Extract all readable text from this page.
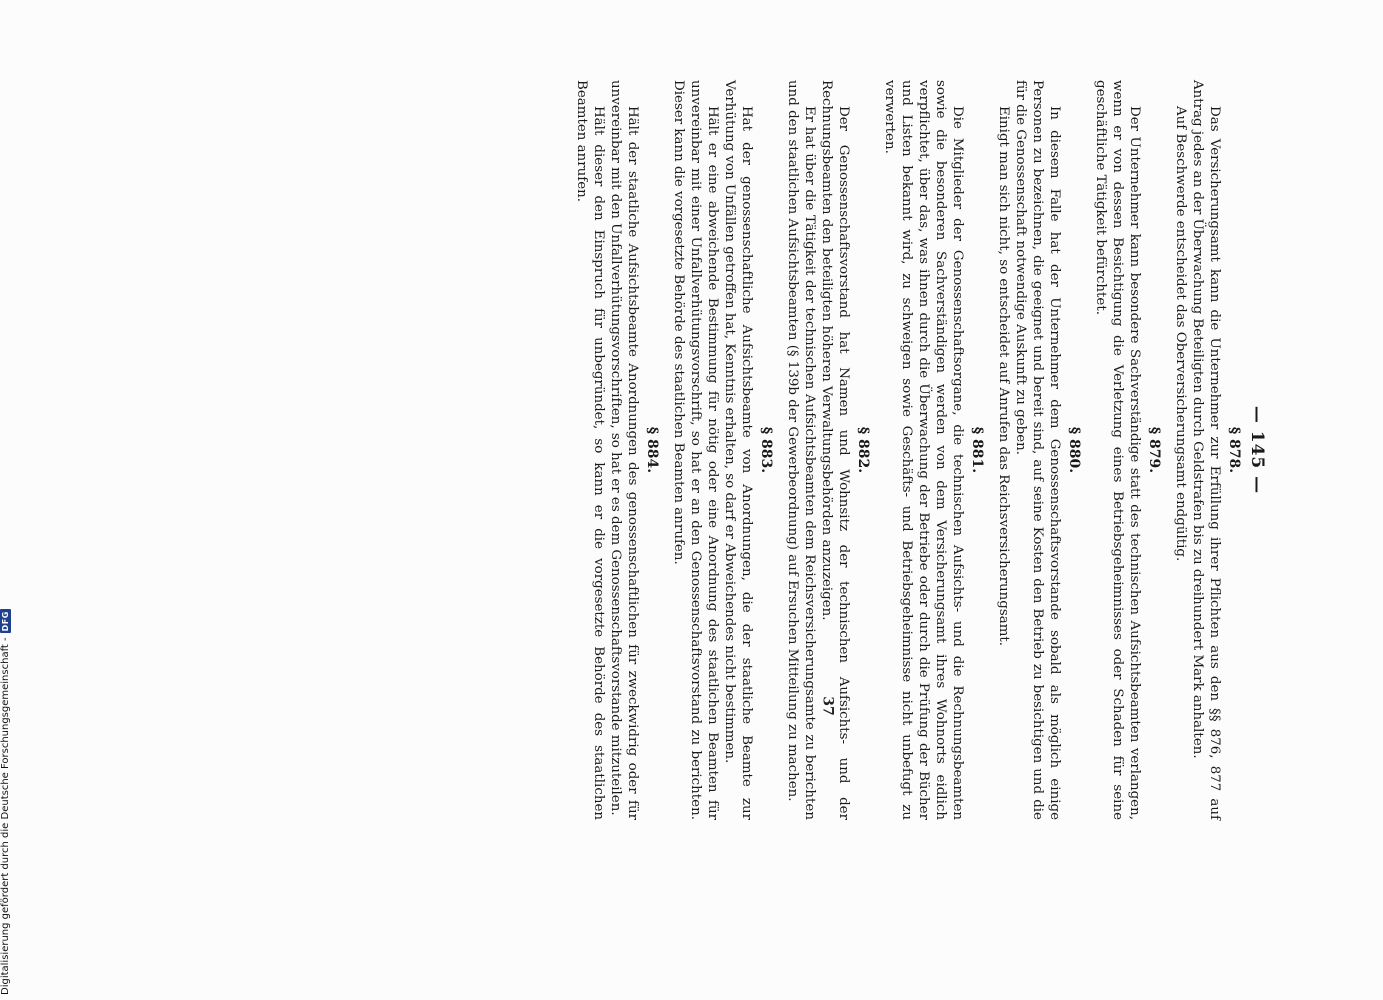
— 145 —
§ 878.

Das Versicherungsamt kann die Unternehmer zur Erfüllung ihrer Pflichten aus den §§ 876, 877 auf Antrag jedes an der Überwachung Beteiligten durch Geldstrafen bis zu dreihundert Mark anhalten.

Auf Beschwerde entscheidet das Oberversicherungsamt endgültig.

§ 879.

Der Unternehmer kann besondere Sachverständige statt des technischen Aufsichtsbeamten verlangen, wenn er von dessen Besichtigung die Verletzung eines Betriebsgeheimnisses oder Schaden für seine geschäftliche Tätigkeit befürchtet.

§ 880.

In diesem Falle hat der Unternehmer dem Genossenschaftsvorstande sobald als möglich einige Personen zu bezeichnen, die geeignet und bereit sind, auf seine Kosten den Betrieb zu besichtigen und die für die Genossenschaft notwendige Auskunft zu geben.

Einigt man sich nicht, so entscheidet auf Anrufen das Reichsversicherungsamt.

§ 881.

Die Mitglieder der Genossenschaftsorgane, die technischen Aufsichts- und die Rechnungsbeamten sowie die besonderen Sachverständigen werden von dem Versicherungsamt ihres Wohnorts eidlich verpflichtet, über das, was ihnen durch die Überwachung der Betriebe oder durch die Prüfung der Bücher und Listen bekannt wird, zu schweigen sowie Geschäfts- und Betriebsgeheimnisse nicht unbefugt zu verwerten.

§ 882.

Der Genossenschaftsvorstand hat Namen und Wohnsitz der technischen Aufsichts- und der Rechnungsbeamten den beteiligten höheren Verwaltungsbehörden anzuzeigen.

Er hat über die Tätigkeit der technischen Aufsichtsbeamten dem Reichsversicherungsamte zu berichten und den staatlichen Aufsichtsbeamten (§ 139b der Gewerbeordnung) auf Ersuchen Mitteilung zu machen.

§ 883.

Hat der genossenschaftliche Aufsichtsbeamte von Anordnungen, die der staatliche Beamte zur Verhütung von Unfällen getroffen hat, Kenntnis erhalten, so darf er Abweichendes nicht bestimmen.

Hält er eine abweichende Bestimmung für nötig oder eine Anordnung des staatlichen Beamten für unvereinbar mit einer Unfallverhütungsvorschrift, so hat er an den Genossenschaftsvorstand zu berichten. Dieser kann die vorgesetzte Behörde des staatlichen Beamten anrufen.

§ 884.

Hält der staatliche Aufsichtsbeamte Anordnungen des genossenschaftlichen für zweckwidrig oder für unvereinbar mit den Unfallverhütungsvorschriften, so hat er es dem Genossenschaftsvorstande mitzuteilen.

Hält dieser den Einspruch für unbegründet, so kann er die vorgesetzte Behörde des staatlichen Beamten anrufen.

37
Digitalisierung gefördert durch die Deutsche Forschungsgemeinschaft -
DFG
